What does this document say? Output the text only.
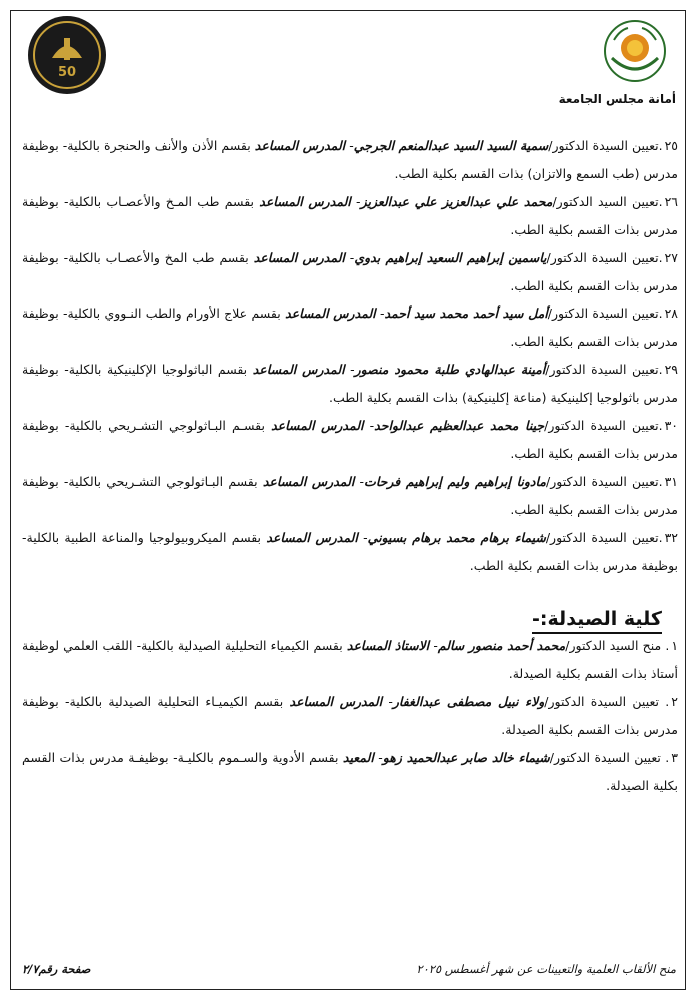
50
أمانة مجلس الجامعة
٢٥.تعيين السيدة الدكتور/سمية السيد السيد عبدالمنعم الجرجي- المدرس المساعد بقسم الأذن والأنف والحنجرة بالكلية- بوظيفة مدرس (طب السمع والاتزان) بذات القسم بكلية الطب.
٢٦.تعيين السيد الدكتور/محمد علي عبدالعزيز علي عبدالعزيز- المدرس المساعد بقسم طب المـخ والأعصـاب بالكلية- بوظيفة مدرس بذات القسم بكلية الطب.
٢٧.تعيين السيدة الدكتور/ياسمين إبراهيم السعيد إبراهيم بدوي- المدرس المساعد بقسم طب المخ والأعصـاب بالكلية- بوظيفة مدرس بذات القسم بكلية الطب.
٢٨.تعيين السيدة الدكتور/أمل سيد أحمد محمد سيد أحمد- المدرس المساعد بقسم علاج الأورام والطب النـووي بالكلية- بوظيفة مدرس بذات القسم بكلية الطب.
٢٩.تعيين السيدة الدكتور/أمينة عبدالهادي طلبة محمود منصور- المدرس المساعد بقسم الباثولوجيا الإكلينيكية بالكلية- بوظيفة مدرس باثولوجيا إكلينيكية (مناعة إكلينيكية) بذات القسم بكلية الطب.
٣٠.تعيين السيدة الدكتور/جينا محمد عبدالعظيم عبدالواحد- المدرس المساعد بقسـم البـاثولوجي التشـريحي بالكلية- بوظيفة مدرس بذات القسم بكلية الطب.
٣١.تعيين السيدة الدكتور/مادونا إبراهيم وليم إبراهيم فرحات- المدرس المساعد بقسم البـاثولوجي التشـريحي بالكلية- بوظيفة مدرس بذات القسم بكلية الطب.
٣٢.تعيين السيدة الدكتور/شيماء برهام محمد برهام بسيوني- المدرس المساعد بقسم الميكروبيولوجيا والمناعة الطبية بالكلية- بوظيفة مدرس بذات القسم بكلية الطب.
كلية الصيدلة:-
١. منح السيد الدكتور/محمد أحمد منصور سالم- الاستاذ المساعد بقسم الكيمياء التحليلية الصيدلية بالكلية- اللقب العلمي لوظيفة أستاذ بذات القسم بكلية الصيدلة.
٢. تعيين السيدة الدكتور/ولاء نبيل مصطفى عبدالغفار- المدرس المساعد بقسم الكيميـاء التحليلية الصيدلية بالكلية- بوظيفة مدرس بذات القسم بكلية الصيدلة.
٣. تعيين السيدة الدكتور/شيماء خالد صابر عبدالحميد زهو- المعيد بقسم الأدوية والسـموم بالكليـة- بوظيفـة مدرس بذات القسم بكلية الصيدلة.
منح الألقاب العلمية والتعيينات عن شهر أغسطس ٢٠٢٥
صفحة رقم٢/٧
